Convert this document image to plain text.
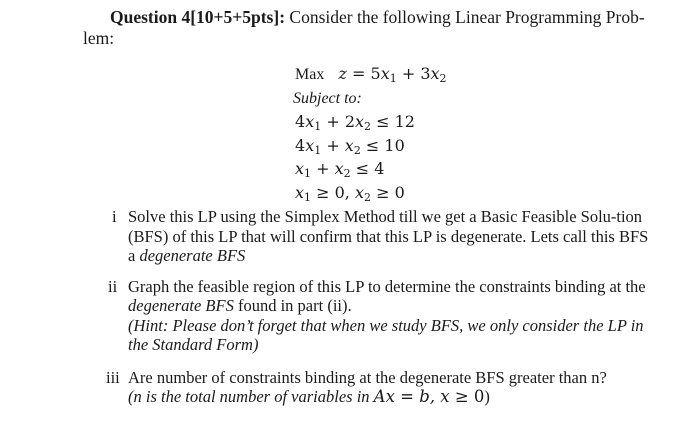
Question 4[10+5+5pts]: Consider the following Linear Programming Prob-
lem:
Max   $z = 5x_1 + 3x_2$
Subject to:
$4x_1 + 2x_2 \le 12$
$4x_1 + x_2 \le 10$
$x_1 + x_2 \le 4$
$x_1 \ge 0$, $x_2 \ge 0$
i Solve this LP using the Simplex Method till we get a Basic Feasible Solu-tion (BFS) of this LP that will confirm that this LP is degenerate. Lets call this BFS a degenerate BFS
ii Graph the feasible region of this LP to determine the constraints binding at the degenerate BFS found in part (ii).
(Hint: Please don’t forget that when we study BFS, we only consider the LP in the Standard Form)
iii Are number of constraints binding at the degenerate BFS greater than n?
(n is the total number of variables in Ax = b, x ≥ 0)
